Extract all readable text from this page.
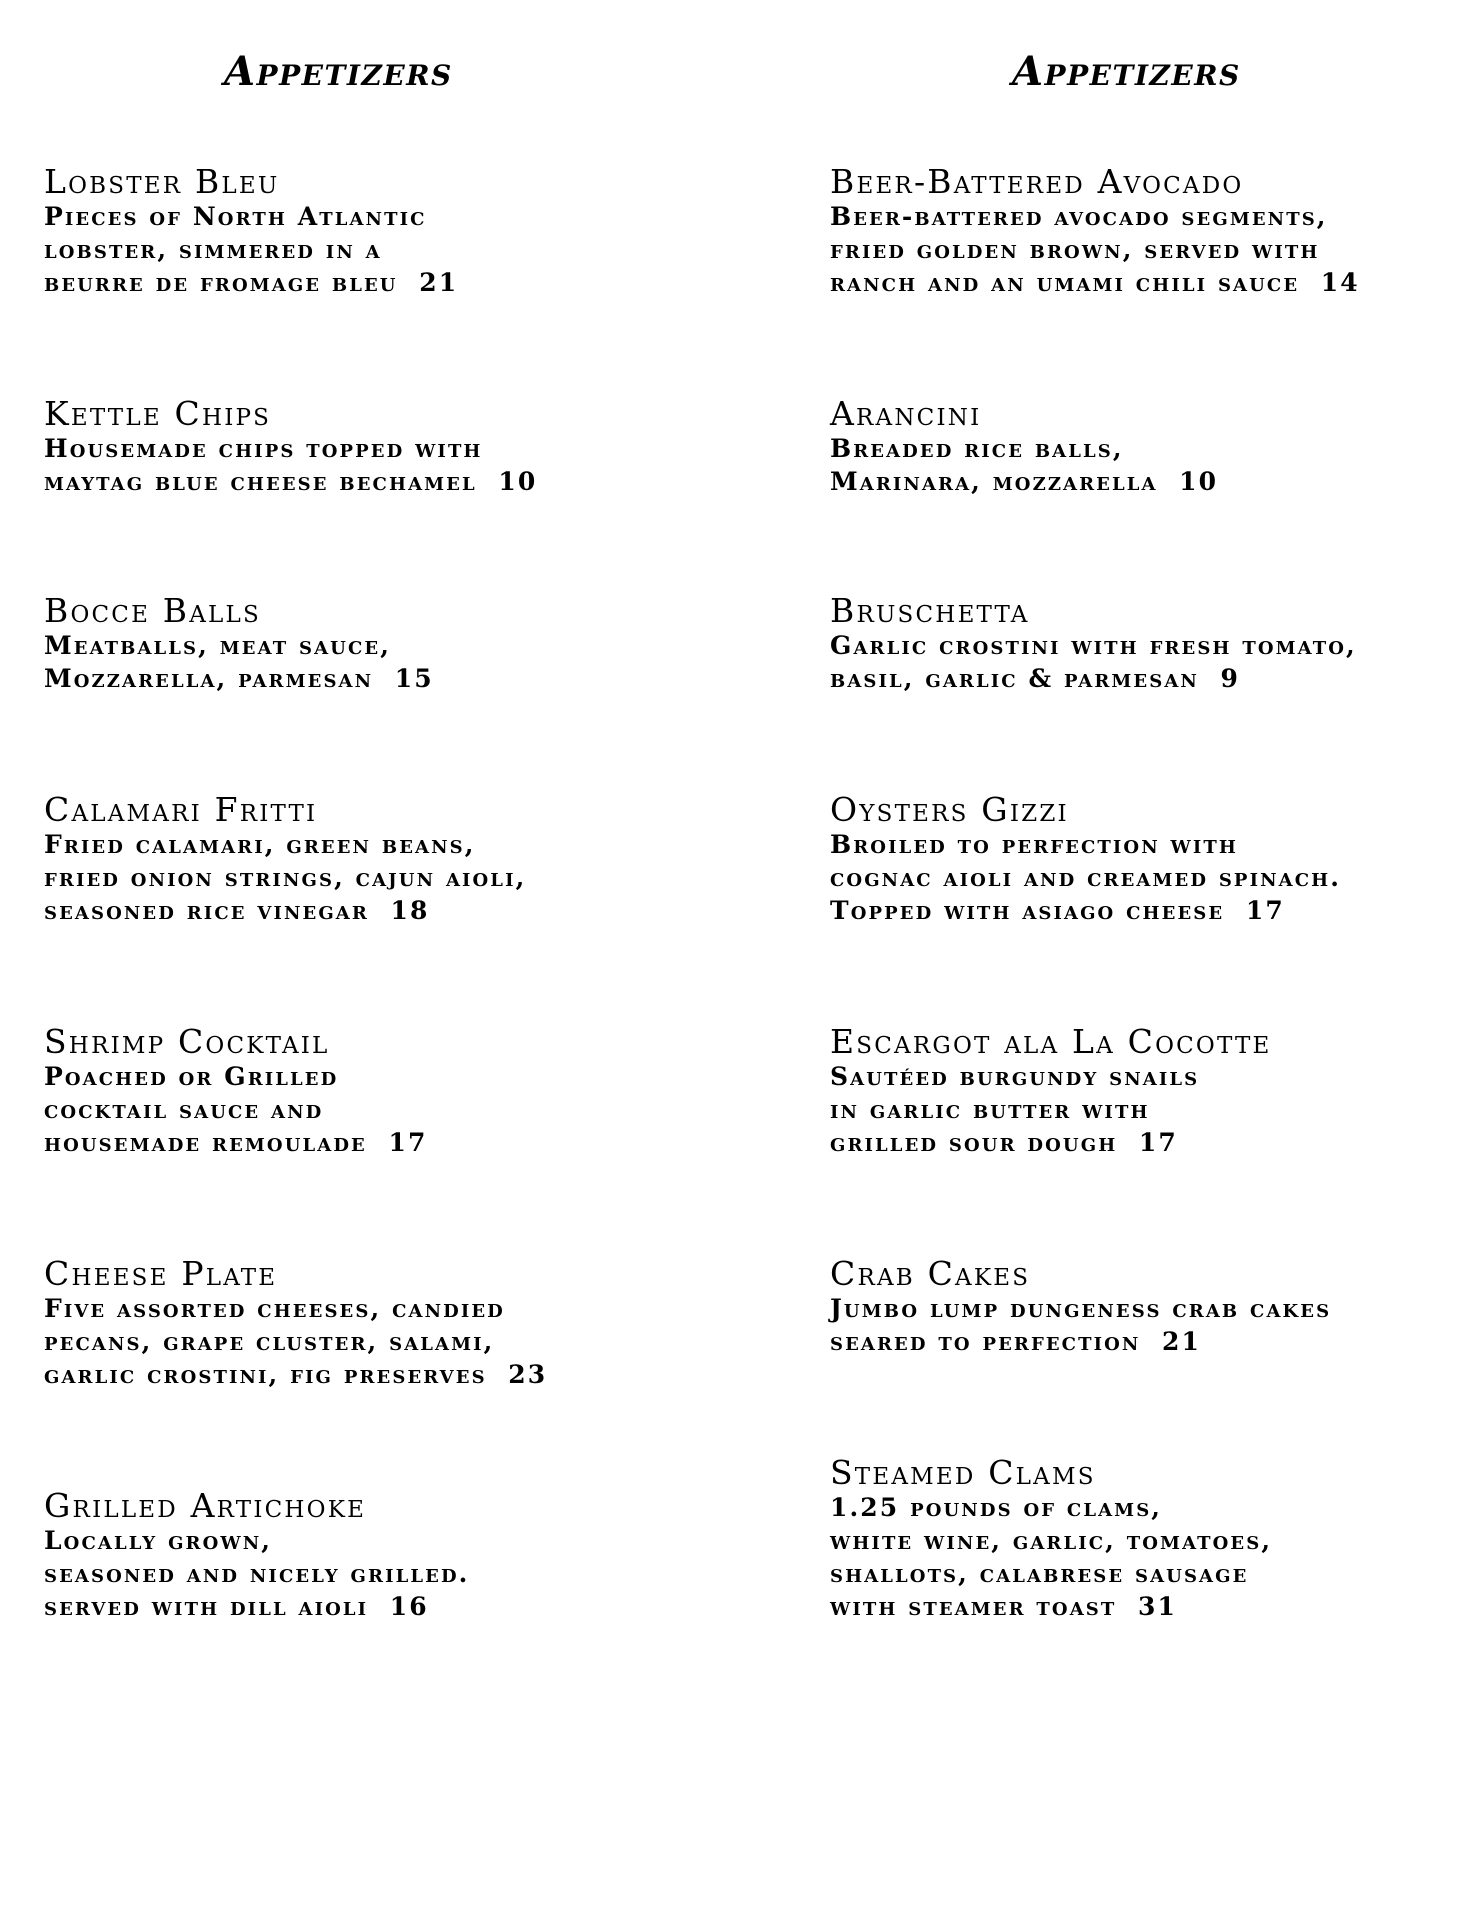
Appetizers

Lobster Bleu

Pieces of North Atlantic

lobster, simmered in a

beurre de fromage bleu  21

Kettle Chips

Housemade chips topped with

maytag blue cheese bechamel  10

Bocce Balls

Meatballs, meat sauce,

Mozzarella, parmesan  15

Calamari Fritti

Fried calamari, green beans,

fried onion strings, cajun aioli,

seasoned rice vinegar  18

Shrimp Cocktail

Poached or Grilled

cocktail sauce and

housemade remoulade  17

Cheese Plate

Five assorted cheeses, candied

pecans, grape cluster, salami,

garlic crostini, fig preserves  23

Grilled Artichoke

Locally grown,

seasoned and nicely grilled.

served with dill aioli  16

Appetizers

Beer-Battered Avocado

Beer-battered avocado segments,

fried golden brown, served with

ranch and an umami chili sauce  14

Arancini

Breaded rice balls,

Marinara, mozzarella  10

Bruschetta

Garlic crostini with fresh tomato,

basil, garlic & parmesan  9

Oysters Gizzi

Broiled to perfection with

cognac aioli and creamed spinach.

Topped with asiago cheese  17

Escargot ala La Cocotte

Sautéed burgundy snails

in garlic butter with

grilled sour dough  17

Crab Cakes

Jumbo lump dungeness crab cakes

seared to perfection  21

Steamed Clams

1.25 pounds of clams,

white wine, garlic, tomatoes,

shallots, calabrese sausage

with steamer toast  31
